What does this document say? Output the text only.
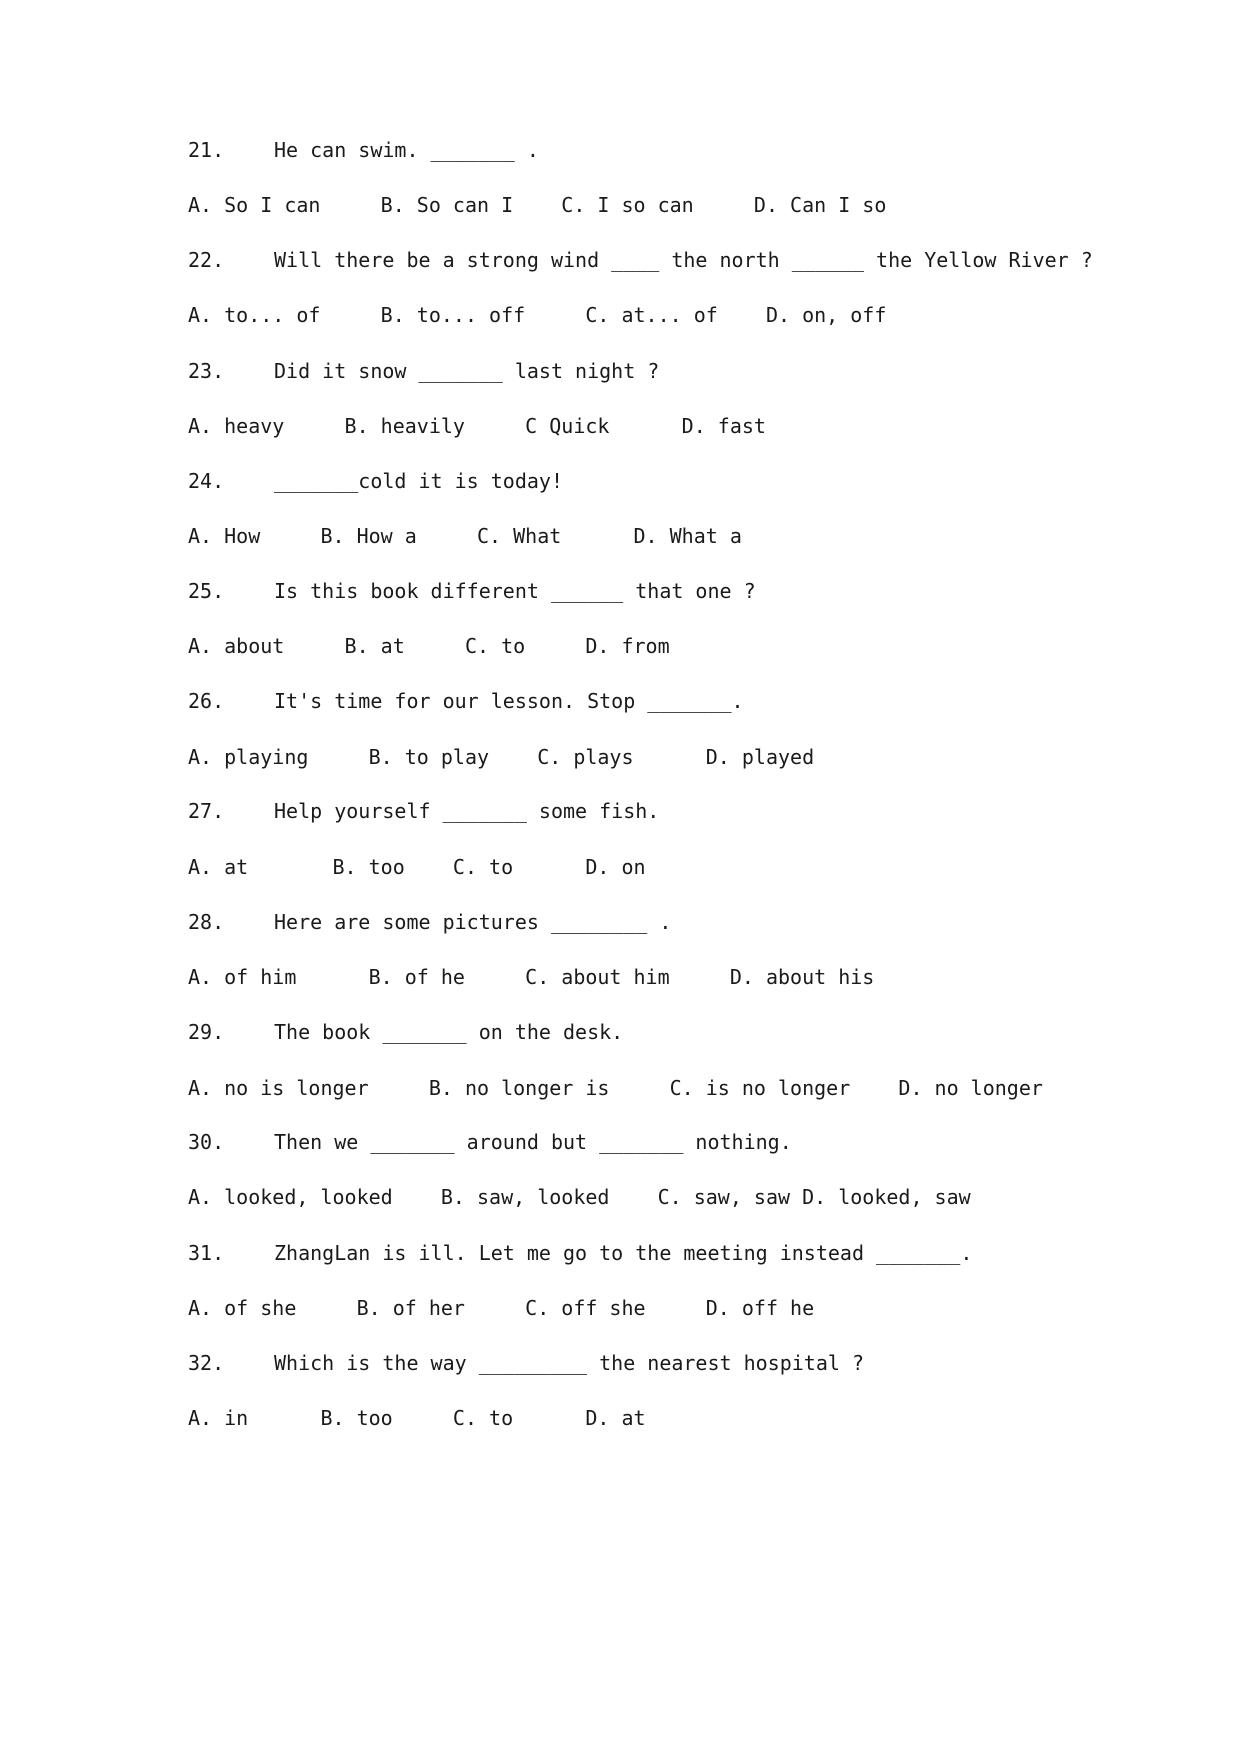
21. He can swim. _______ .

A. So I can     B. So can I    C. I so can     D. Can I so

22. Will there be a strong wind ____ the north ______ the Yellow River ?

A. to... of     B. to... off     C. at... of    D. on, off

23. Did it snow _______ last night ?

A. heavy     B. heavily     C Quick      D. fast

24. _______cold it is today!

A. How     B. How a     C. What      D. What a

25. Is this book different ______ that one ?

A. about     B. at     C. to     D. from

26. It's time for our lesson. Stop _______.

A. playing     B. to play    C. plays      D. played

27. Help yourself _______ some fish.

A. at       B. too    C. to      D. on

28. Here are some pictures ________ .

A. of him      B. of he     C. about him     D. about his

29. The book _______ on the desk.

A. no is longer     B. no longer is     C. is no longer    D. no longer

30. Then we _______ around but _______ nothing.

A. looked, looked    B. saw, looked    C. saw, saw D. looked, saw

31. ZhangLan is ill. Let me go to the meeting instead _______.

A. of she     B. of her     C. off she     D. off he

32. Which is the way _________ the nearest hospital ?

A. in      B. too     C. to      D. at
